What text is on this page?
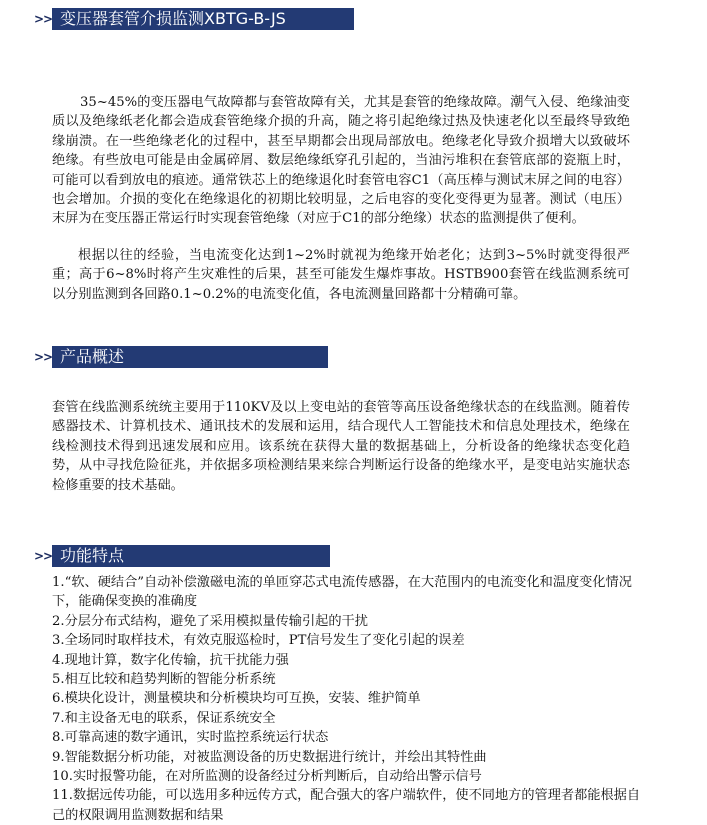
>> 变压器套管介损监测XBTG-B-JS

35~45%的变压器电气故障都与套管故障有关，尤其是套管的绝缘故障。潮气入侵、绝缘油变质以及绝缘纸老化都会造成套管绝缘介损的升高，随之将引起绝缘过热及快速老化以至最终导致绝缘崩溃。在一些绝缘老化的过程中，甚至早期都会出现局部放电。绝缘老化导致介损增大以致破坏绝缘。有些放电可能是由金属碎屑、数层绝缘纸穿孔引起的，当油污堆积在套管底部的瓷瓶上时，可能可以看到放电的痕迹。通常铁芯上的绝缘退化时套管电容C1（高压棒与测试末屏之间的电容）也会增加。介损的变化在绝缘退化的初期比较明显，之后电容的变化变得更为显著。测试（电压）末屏为在变压器正常运行时实现套管绝缘（对应于C1的部分绝缘）状态的监测提供了便利。

根据以往的经验，当电流变化达到1~2%时就视为绝缘开始老化；达到3~5%时就变得很严重；高于6~8%时将产生灾难性的后果，甚至可能发生爆炸事故。HSTB900套管在线监测系统可以分别监测到各回路0.1~0.2%的电流变化值，各电流测量回路都十分精确可靠。

>> 产品概述

套管在线监测系统统主要用于110KV及以上变电站的套管等高压设备绝缘状态的在线监测。随着传感器技术、计算机技术、通讯技术的发展和运用，结合现代人工智能技术和信息处理技术，绝缘在线检测技术得到迅速发展和应用。该系统在获得大量的数据基础上，分析设备的绝缘状态变化趋势，从中寻找危险征兆，并依据多项检测结果来综合判断运行设备的绝缘水平，是变电站实施状态检修重要的技术基础。

>> 功能特点
1.“软、硬结合”自动补偿激磁电流的单匝穿芯式电流传感器，在大范围内的电流变化和温度变化情况下，能确保变换的准确度
2.分层分布式结构，避免了采用模拟量传输引起的干扰
3.全场同时取样技术，有效克服巡检时，PT信号发生了变化引起的误差
4.现地计算，数字化传输，抗干扰能力强
5.相互比较和趋势判断的智能分析系统
6.模块化设计，测量模块和分析模块均可互换，安装、维护简单
7.和主设备无电的联系，保证系统安全
8.可靠高速的数字通讯，实时监控系统运行状态
9.智能数据分析功能，对被监测设备的历史数据进行统计，并绘出其特性曲
10.实时报警功能，在对所监测的设备经过分析判断后，自动给出警示信号
11.数据远传功能，可以选用多种远传方式，配合强大的客户端软件，使不同地方的管理者都能根据自己的权限调用监测数据和结果
